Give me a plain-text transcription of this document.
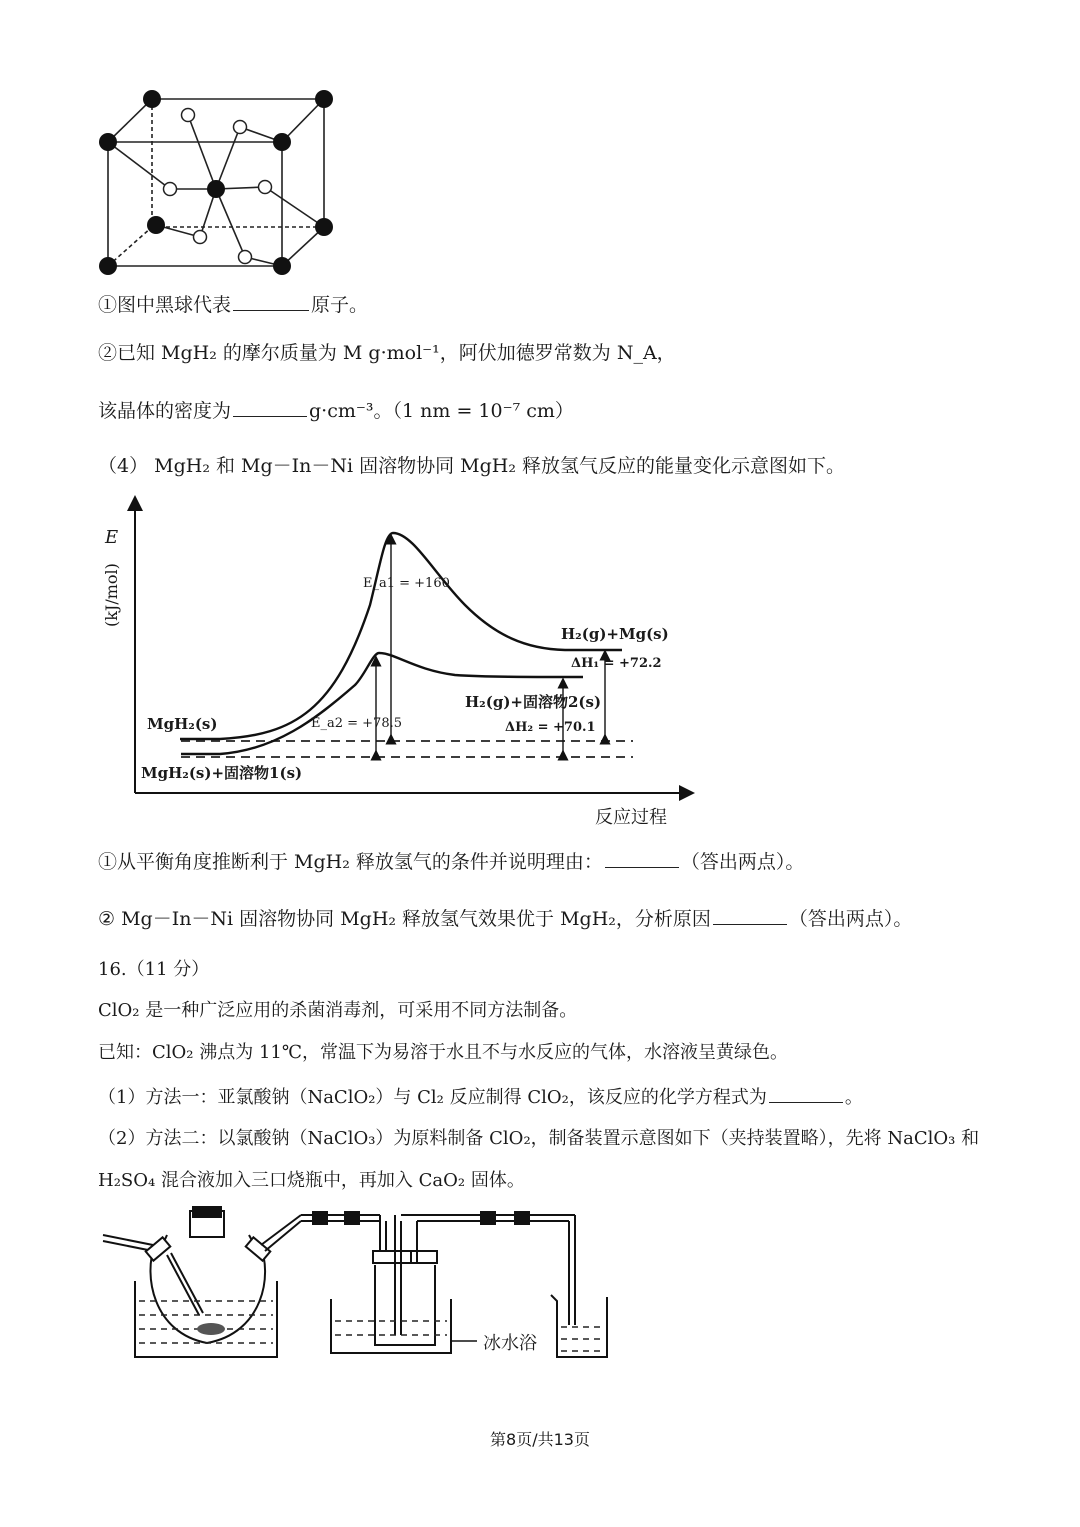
①图中黑球代表	原子。
②已知 MgH₂ 的摩尔质量为 M g·mol⁻¹，阿伏加德罗常数为 N_A，
该晶体的密度为	g·cm⁻³。（1 nm = 10⁻⁷ cm）
（4） MgH₂ 和 Mg－In－Ni 固溶物协同 MgH₂ 释放氢气反应的能量变化示意图如下。
E
(kJ/mol)
反应过程
E_a1 = +160
E_a2 = +78.5
ΔH₁ = +72.2
ΔH₂ = +70.1
MgH₂(s)
MgH₂(s)+固溶物1(s)
H₂(g)+Mg(s)
H₂(g)+固溶物2(s)
①从平衡角度推断利于 MgH₂ 释放氢气的条件并说明理由：	（答出两点）。
② Mg－In－Ni 固溶物协同 MgH₂ 释放氢气效果优于 MgH₂，分析原因	（答出两点）。
16.（11 分）
ClO₂ 是一种广泛应用的杀菌消毒剂，可采用不同方法制备。
已知：ClO₂ 沸点为 11℃，常温下为易溶于水且不与水反应的气体，水溶液呈黄绿色。
（1）方法一：亚氯酸钠（NaClO₂）与 Cl₂ 反应制得 ClO₂，该反应的化学方程式为	。
（2）方法二：以氯酸钠（NaClO₃）为原料制备 ClO₂，制备装置示意图如下（夹持装置略），先将 NaClO₃ 和
H₂SO₄ 混合液加入三口烧瓶中，再加入 CaO₂ 固体。
冰水浴
第8页/共13页
